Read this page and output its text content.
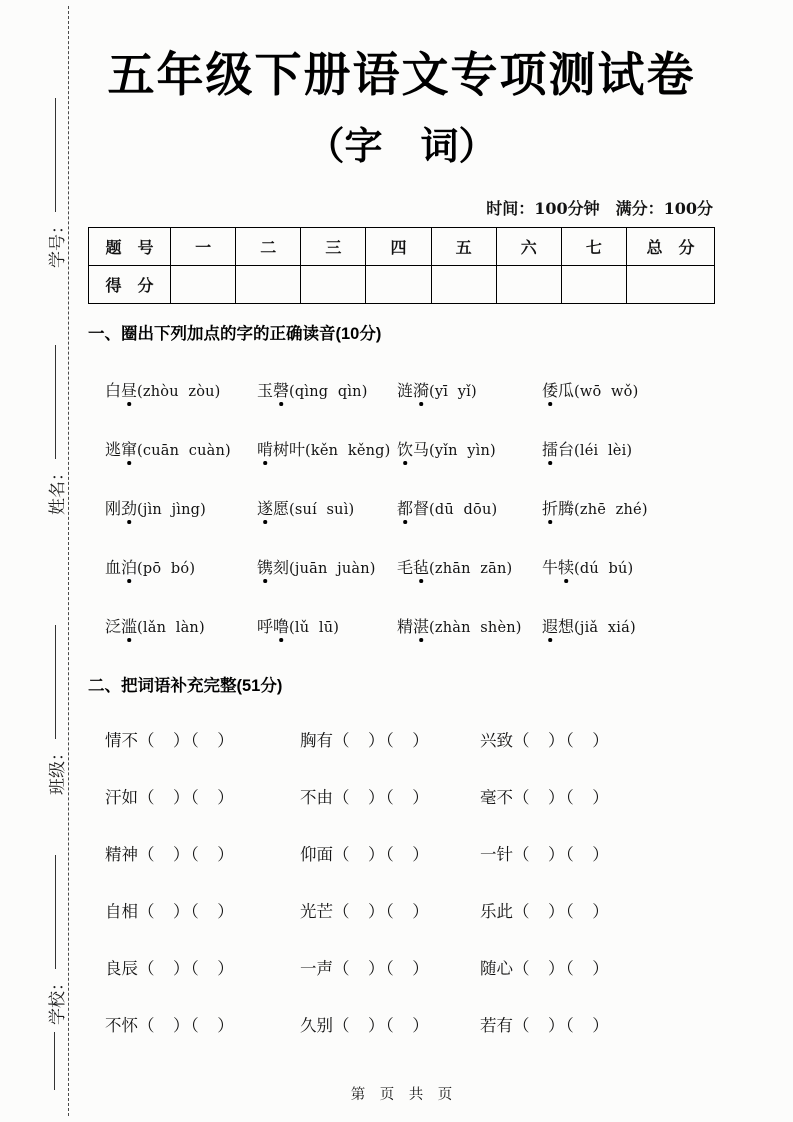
学号：
姓名：
班级：
学校：
五年级下册语文专项测试卷
（字　词）
时间：100分钟　满分：100分
题　号	一	二	三	四	五	六	七	总　分
得　分								
一、圈出下列加点的字的正确读音(10分)
白昼(zhòu  zòu)	玉磬(qìng  qìn)	涟漪(yī  yǐ)	倭瓜(wō  wǒ)
逃窜(cuān  cuàn)	啃树叶(kěn  kěng) 饮马(yǐn  yìn)	擂台(léi  lèi)
刚劲(jìn  jìng)	遂愿(suí  suì)	都督(dū  dōu)	折腾(zhē  zhé)
血泊(pō  bó)	镌刻(juān  juàn)	毛毡(zhān  zān)	牛犊(dú  bú)
泛滥(lǎn  làn)	呼噜(lǔ  lū)	精湛(zhàn  shèn)	遐想(jiǎ  xiá)
二、把词语补充完整(51分)
情不（　）（　）	胸有（　）（　）	兴致（　）（　）
汗如（　）（　）	不由（　）（　）	毫不（　）（　）
精神（　）（　）	仰面（　）（　）	一针（　）（　）
自相（　）（　）	光芒（　）（　）	乐此（　）（　）
良辰（　）（　）	一声（　）（　）	随心（　）（　）
不怀（　）（　）	久别（　）（　）	若有（　）（　）
第　页　共　页
